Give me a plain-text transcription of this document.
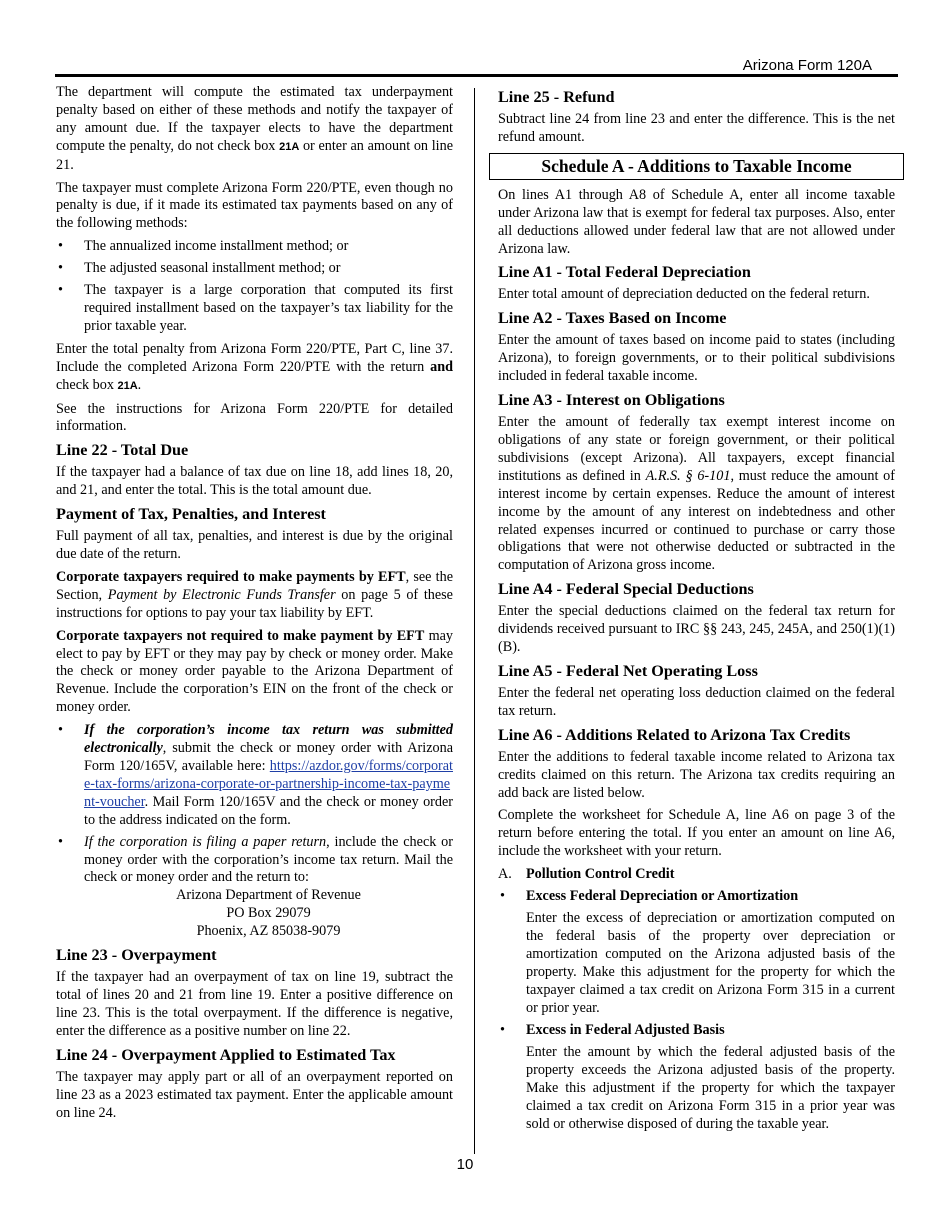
Arizona Form 120A

The department will compute the estimated tax underpayment penalty based on either of these methods and notify the taxpayer of any amount due. If the taxpayer elects to have the department compute the penalty, do not check box 21A or enter an amount on line 21.

The taxpayer must complete Arizona Form 220/PTE, even though no penalty is due, if it made its estimated tax payments based on any of the following methods:

• The annualized income installment method; or
• The adjusted seasonal installment method; or
• The taxpayer is a large corporation that computed its first required installment based on the taxpayer’s tax liability for the prior taxable year.

Enter the total penalty from Arizona Form 220/PTE, Part C, line 37. Include the completed Arizona Form 220/PTE with the return and check box 21A.

See the instructions for Arizona Form 220/PTE for detailed information.

Line 22 - Total Due

If the taxpayer had a balance of tax due on line 18, add lines 18, 20, and 21, and enter the total. This is the total amount due.

Payment of Tax, Penalties, and Interest

Full payment of all tax, penalties, and interest is due by the original due date of the return.

Corporate taxpayers required to make payments by EFT, see the Section, Payment by Electronic Funds Transfer on page 5 of these instructions for options to pay your tax liability by EFT.

Corporate taxpayers not required to make payment by EFT may elect to pay by EFT or they may pay by check or money order. Make the check or money order payable to the Arizona Department of Revenue. Include the corporation’s EIN on the front of the check or money order.

• If the corporation’s income tax return was submitted electronically, submit the check or money order with Arizona Form 120/165V, available here: https://azdor.gov/forms/corporate-tax-forms/arizona-corporate-or-partnership-income-tax-payment-voucher. Mail Form 120/165V and the check or money order to the address indicated on the form.
• If the corporation is filing a paper return, include the check or money order with the corporation’s income tax return. Mail the check or money order and the return to:
Arizona Department of Revenue
PO Box 29079
Phoenix, AZ 85038-9079
Line 23 - Overpayment

If the taxpayer had an overpayment of tax on line 19, subtract the total of lines 20 and 21 from line 19. Enter a positive difference on line 23. This is the total overpayment. If the difference is negative, enter the difference as a positive number on line 22.

Line 24 - Overpayment Applied to Estimated Tax

The taxpayer may apply part or all of an overpayment reported on line 23 as a 2023 estimated tax payment. Enter the applicable amount on line 24.

Line 25 - Refund

Subtract line 24 from line 23 and enter the difference. This is the net refund amount.

Schedule A - Additions to Taxable Income

On lines A1 through A8 of Schedule A, enter all income taxable under Arizona law that is exempt for federal tax purposes. Also, enter all deductions allowed under federal law that are not allowed under Arizona law.

Line A1 - Total Federal Depreciation

Enter total amount of depreciation deducted on the federal return.

Line A2 - Taxes Based on Income

Enter the amount of taxes based on income paid to states (including Arizona), to foreign governments, or to their political subdivisions included in federal taxable income.

Line A3 - Interest on Obligations

Enter the amount of federally tax exempt interest income on obligations of any state or foreign government, or their political subdivisions (except Arizona). All taxpayers, except financial institutions as defined in A.R.S. § 6-101, must reduce the amount of interest income by certain expenses. Reduce the amount of interest income by the amount of any interest on indebtedness and other related expenses incurred or continued to purchase or carry those obligations that were not otherwise deducted or subtracted in the computation of Arizona gross income.

Line A4 - Federal Special Deductions

Enter the special deductions claimed on the federal tax return for dividends received pursuant to IRC §§ 243, 245, 245A, and 250(1)(1)(B).

Line A5 - Federal Net Operating Loss

Enter the federal net operating loss deduction claimed on the federal tax return.

Line A6 - Additions Related to Arizona Tax Credits

Enter the additions to federal taxable income related to Arizona tax credits claimed on this return. The Arizona tax credits requiring an add back are listed below.

Complete the worksheet for Schedule A, line A6 on page 3 of the return before entering the total. If you enter an amount on line A6, include the worksheet with your return.

A. Pollution Control Credit
• Excess Federal Depreciation or Amortization

Enter the excess of depreciation or amortization computed on the federal basis of the property over depreciation or amortization computed on the Arizona adjusted basis of the property. Make this adjustment for the property for which the taxpayer claimed a tax credit on Arizona Form 315 in a current or prior year.

• Excess in Federal Adjusted Basis

Enter the amount by which the federal adjusted basis of the property exceeds the Arizona adjusted basis of the property. Make this adjustment if the property for which the taxpayer claimed a tax credit on Arizona Form 315 in a prior year was sold or otherwise disposed of during the taxable year.

10
